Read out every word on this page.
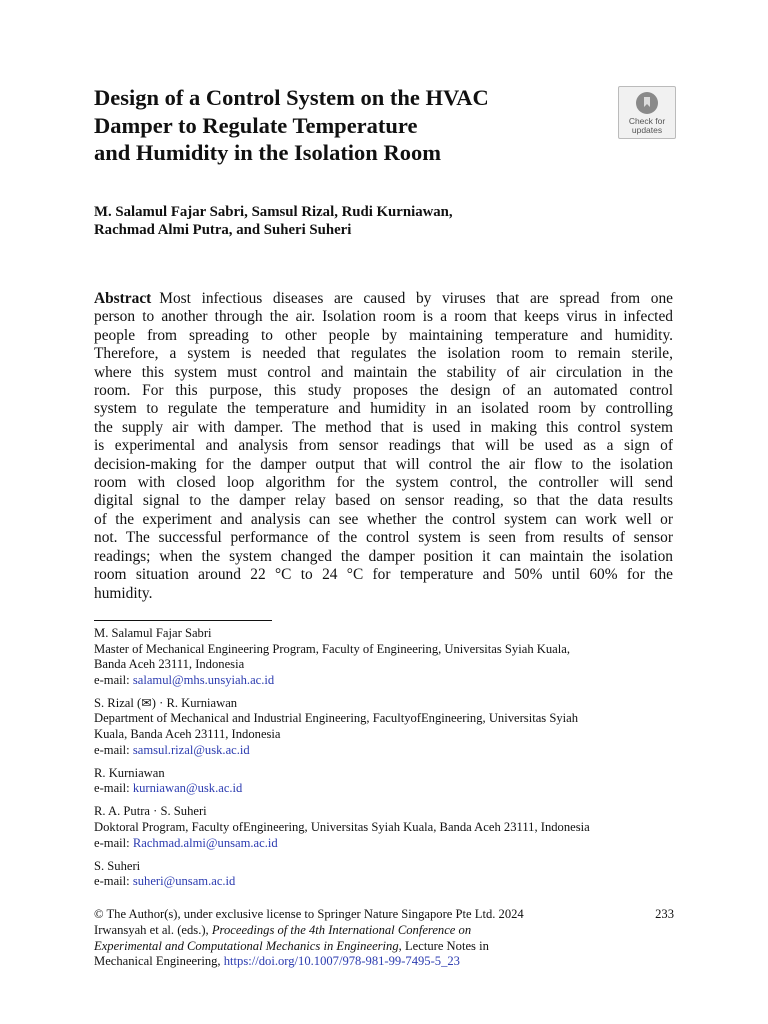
Design of a Control System on the HVAC
Damper to Regulate Temperature
and Humidity in the Isolation Room
Check for
updates
M. Salamul Fajar Sabri, Samsul Rizal, Rudi Kurniawan,
Rachmad Almi Putra, and Suheri Suheri
Abstract Most infectious diseases are caused by viruses that are spread from one
person to another through the air. Isolation room is a room that keeps virus in infected
people from spreading to other people by maintaining temperature and humidity.
Therefore, a system is needed that regulates the isolation room to remain sterile,
where this system must control and maintain the stability of air circulation in the
room. For this purpose, this study proposes the design of an automated control
system to regulate the temperature and humidity in an isolated room by controlling
the supply air with damper. The method that is used in making this control system
is experimental and analysis from sensor readings that will be used as a sign of
decision-making for the damper output that will control the air flow to the isolation
room with closed loop algorithm for the system control, the controller will send
digital signal to the damper relay based on sensor reading, so that the data results
of the experiment and analysis can see whether the control system can work well or
not. The successful performance of the control system is seen from results of sensor
readings; when the system changed the damper position it can maintain the isolation
room situation around 22 °C to 24 °C for temperature and 50% until 60% for the
humidity.
M. Salamul Fajar Sabri
Master of Mechanical Engineering Program, Faculty of Engineering, Universitas Syiah Kuala,
Banda Aceh 23111, Indonesia
e-mail: salamul@mhs.unsyiah.ac.id
S. Rizal (✉) · R. Kurniawan
Department of Mechanical and Industrial Engineering, FacultyofEngineering, Universitas Syiah
Kuala, Banda Aceh 23111, Indonesia
e-mail: samsul.rizal@usk.ac.id
R. Kurniawan
e-mail: kurniawan@usk.ac.id
R. A. Putra · S. Suheri
Doktoral Program, Faculty ofEngineering, Universitas Syiah Kuala, Banda Aceh 23111, Indonesia
e-mail: Rachmad.almi@unsam.ac.id
S. Suheri
e-mail: suheri@unsam.ac.id
© The Author(s), under exclusive license to Springer Nature Singapore Pte Ltd. 2024	233
Irwansyah et al. (eds.), Proceedings of the 4th International Conference on
Experimental and Computational Mechanics in Engineering, Lecture Notes in
Mechanical Engineering, https://doi.org/10.1007/978-981-99-7495-5_23
